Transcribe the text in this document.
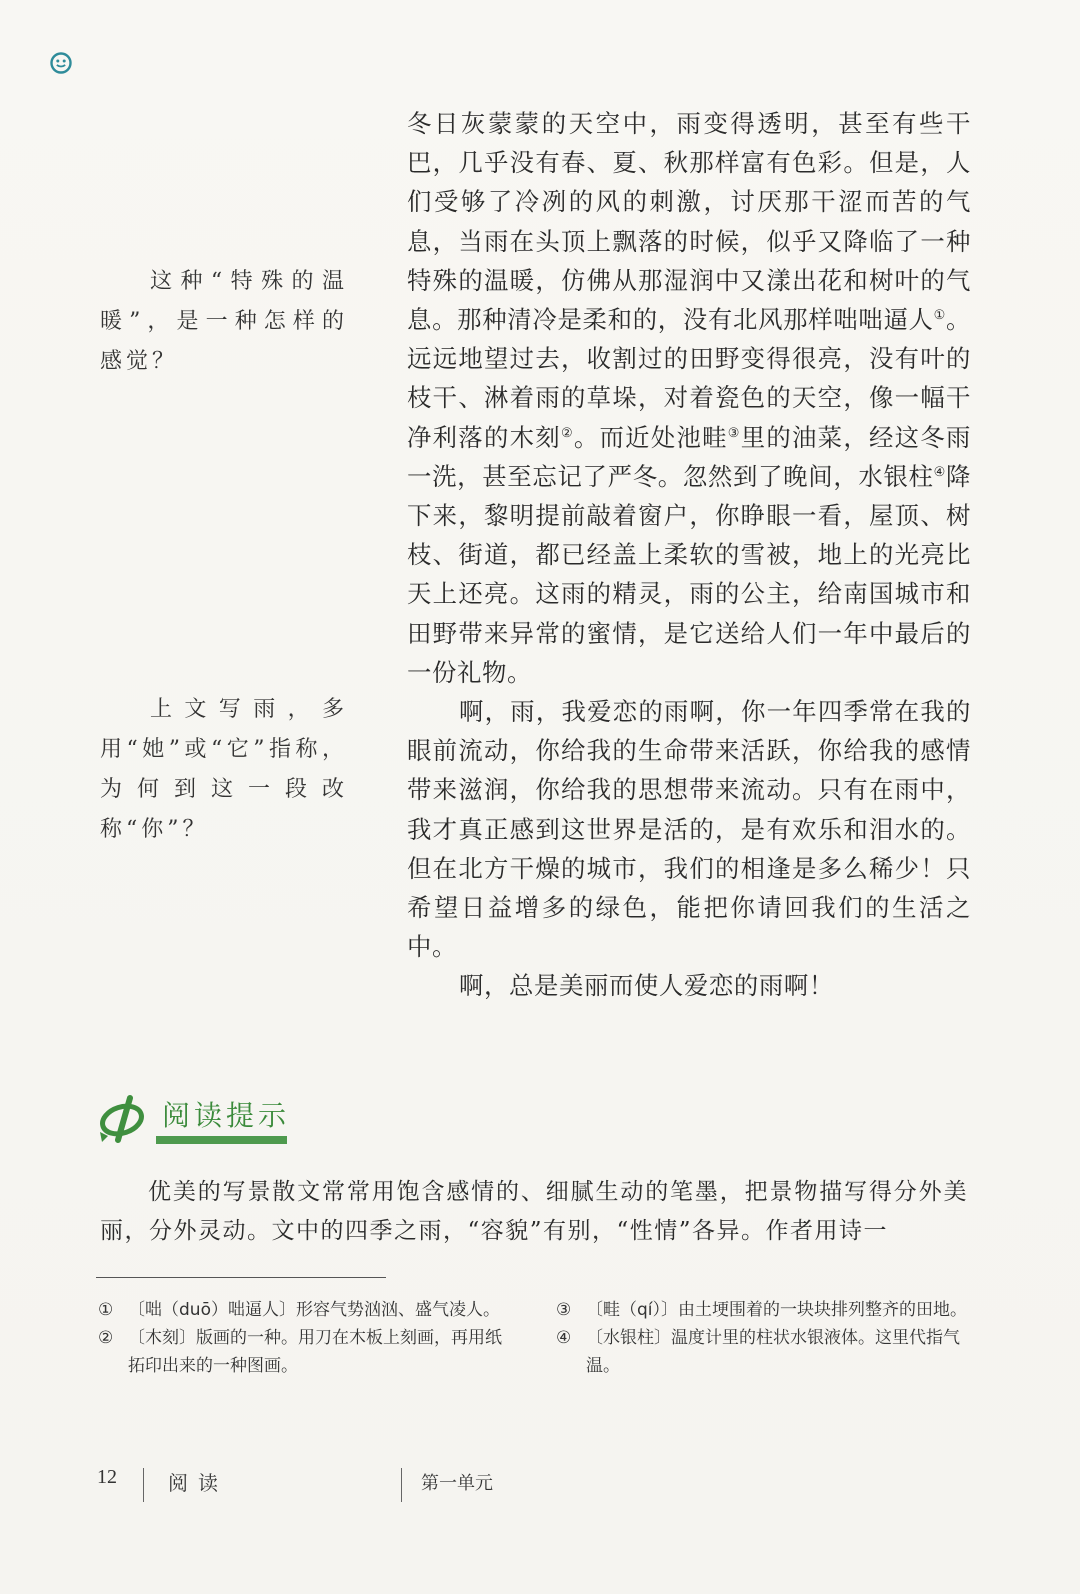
这种“特殊的温暖”，是一种怎样的感觉？
上文写雨，多用“她”或“它”指称，为何到这一段改称“你”？

冬日灰蒙蒙的天空中，雨变得透明，甚至有些干巴，几乎没有春、夏、秋那样富有色彩。但是，人们受够了冷冽的风的刺激，讨厌那干涩而苦的气息，当雨在头顶上飘落的时候，似乎又降临了一种特殊的温暖，仿佛从那湿润中又漾出花和树叶的气息。那种清冷是柔和的，没有北风那样咄咄逼人①。远远地望过去，收割过的田野变得很亮，没有叶的枝干、淋着雨的草垛，对着瓷色的天空，像一幅干净利落的木刻②。而近处池畦③里的油菜，经这冬雨一洗，甚至忘记了严冬。忽然到了晚间，水银柱④降下来，黎明提前敲着窗户，你睁眼一看，屋顶、树枝、街道，都已经盖上柔软的雪被，地上的光亮比天上还亮。这雨的精灵，雨的公主，给南国城市和田野带来异常的蜜情，是它送给人们一年中最后的一份礼物。

啊，雨，我爱恋的雨啊，你一年四季常在我的眼前流动，你给我的生命带来活跃，你给我的感情带来滋润，你给我的思想带来流动。只有在雨中，我才真正感到这世界是活的，是有欢乐和泪水的。但在北方干燥的城市，我们的相逢是多么稀少！只希望日益增多的绿色，能把你请回我们的生活之中。

啊，总是美丽而使人爱恋的雨啊！

阅读提示
优美的写景散文常常用饱含感情的、细腻生动的笔墨，把景物描写得分外美丽，分外灵动。文中的四季之雨，“容貌”有别，“性情”各异。作者用诗一
① 〔咄（duō）咄逼人〕形容气势汹汹、盛气凌人。
② 〔木刻〕版画的一种。用刀在木板上刻画，再用纸拓印出来的一种图画。
③ 〔畦（qí）〕由土埂围着的一块块排列整齐的田地。
④ 〔水银柱〕温度计里的柱状水银液体。这里代指气温。
12	阅读	第一单元
